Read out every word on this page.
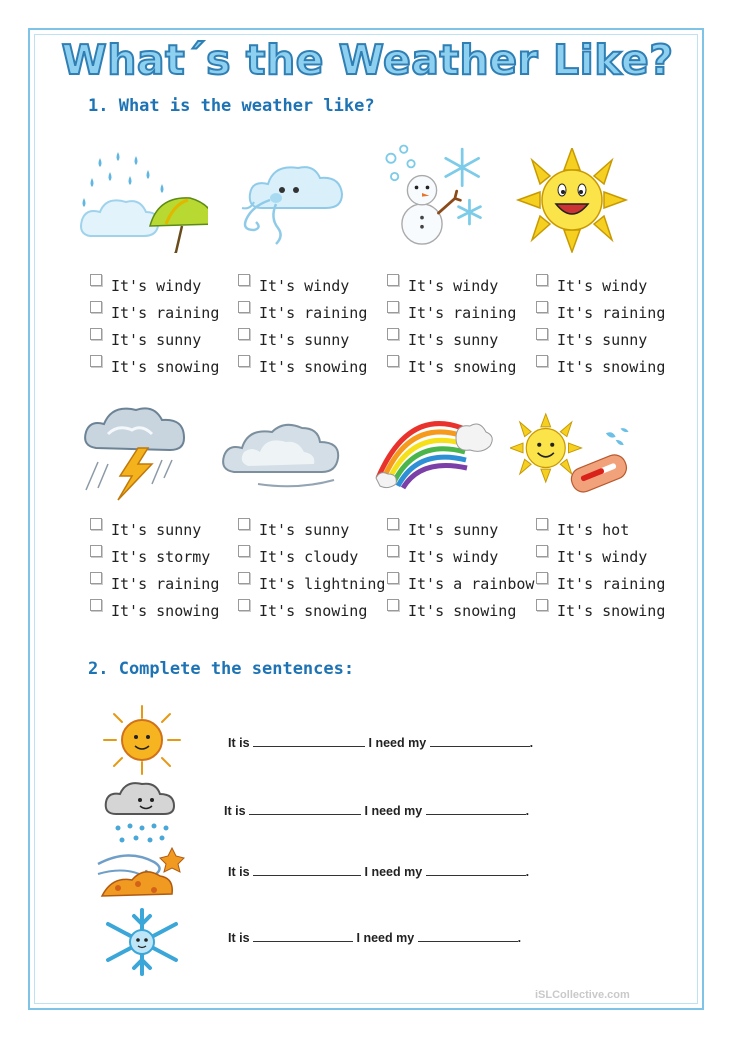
What´s the Weather Like?
1. What is the weather like?
It's windy
It's raining
It's sunny
It's snowing
It's windy
It's raining
It's sunny
It's snowing
It's windy
It's raining
It's sunny
It's snowing
It's windy
It's raining
It's sunny
It's snowing
It's sunny
It's stormy
It's raining
It's snowing
It's sunny
It's cloudy
It's lightning
It's snowing
It's sunny
It's windy
It's a rainbow
It's snowing
It's hot
It's windy
It's raining
It's snowing
2. Complete the sentences:
It is	I need my	.
It is	I need my	.
It is	I need my	.
It is	I need my	.
iSLCollective.com
